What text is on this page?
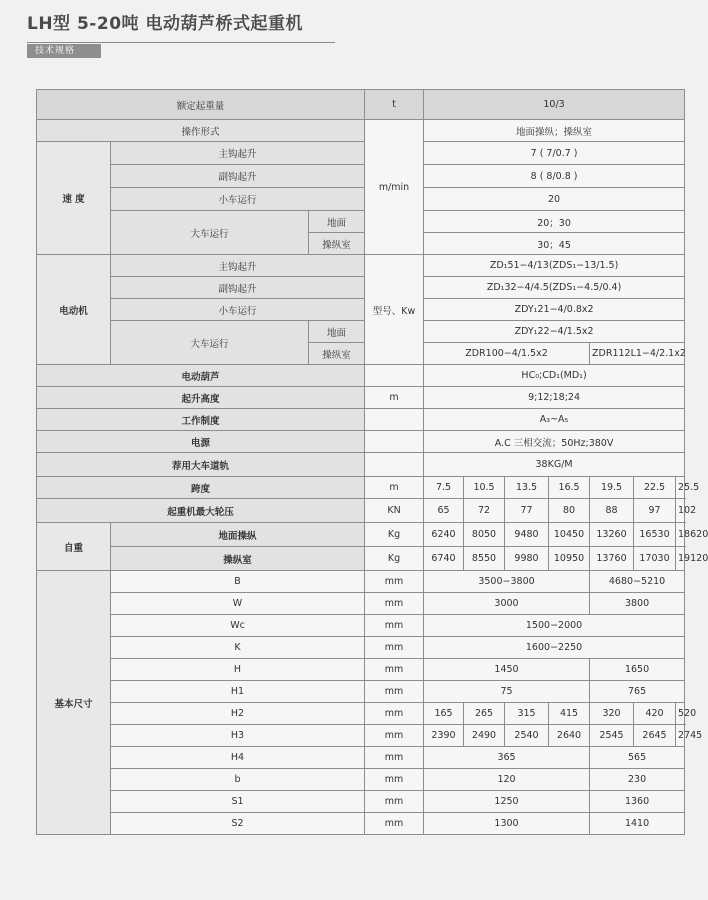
LH型 5-20吨 电动葫芦桥式起重机
技术规格
额定起重量			t	10/3						
操作形式			m/min	地面操纵；操纵室						
速 度	主钩起升			7 ( 7/0.7 )						
	副钩起升			8 ( 8/0.8 )						
	小车运行			20						
	大车运行	地面		20；30						
		操纵室		30；45						
电动机	主钩起升		型号、Kw	ZD₁51−4/13(ZDS₁−13/1.5)						
	副钩起升			ZD₁32−4/4.5(ZDS₁−4.5/0.4)						
	小车运行			ZDY₁21−4/0.8x2						
	大车运行	地面		ZDY₁22−4/1.5x2						
		操纵室		ZDR100−4/1.5x2				ZDR112L1−4/2.1x2		
电动葫芦				HC₀;CD₁(MD₁)						
起升高度			m	9;12;18;24						
工作制度				A₃~A₅						
电源				A.C 三相交流；50Hz;380V						
荐用大车道轨				38KG/M						
跨度			m	7.5	10.5	13.5	16.5	19.5	22.5	25.5
起重机最大轮压			KN	65	72	77	80	88	97	102
自重	地面操纵		Kg	6240	8050	9480	10450	13260	16530	18620
	操纵室		Kg	6740	8550	9980	10950	13760	17030	19120
基本尺寸	B		mm	3500−3800				4680−5210		
	W		mm	3000				3800		
	Wc		mm	1500−2000						
	K		mm	1600−2250						
	H		mm	1450				1650		
	H1		mm	75				765		
	H2		mm	165	265	315	415	320	420	520
	H3		mm	2390	2490	2540	2640	2545	2645	2745
	H4		mm	365				565		
	b		mm	120				230		
	S1		mm	1250				1360		
	S2		mm	1300				1410		
